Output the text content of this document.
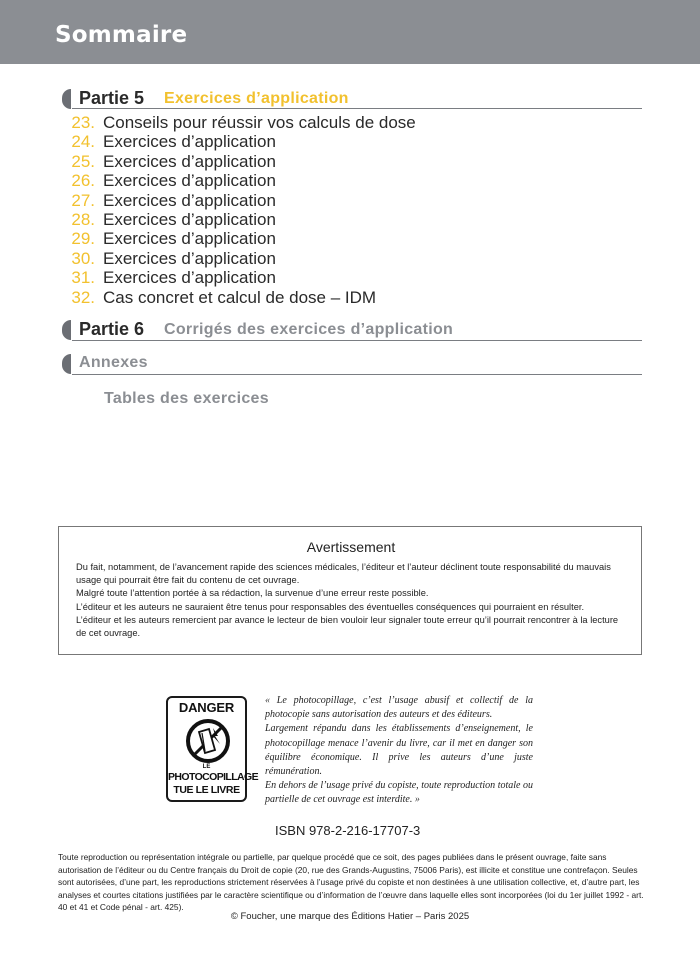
Sommaire
Partie 5 Exercices d’application
23. Conseils pour réussir vos calculs de dose
24. Exercices d’application
25. Exercices d’application
26. Exercices d’application
27. Exercices d’application
28. Exercices d’application
29. Exercices d’application
30. Exercices d’application
31. Exercices d’application
32. Cas concret et calcul de dose – IDM
Partie 6 Corrigés des exercices d’application
Annexes
Tables des exercices
Avertissement

Du fait, notamment, de l’avancement rapide des sciences médicales, l’éditeur et l’auteur déclinent toute responsabilité du mauvais usage qui pourrait être fait du contenu de cet ouvrage.

Malgré toute l’attention portée à sa rédaction, la survenue d’une erreur reste possible.

L’éditeur et les auteurs ne sauraient être tenus pour responsables des éventuelles conséquences qui pourraient en résulter.

L’éditeur et les auteurs remercient par avance le lecteur de bien vouloir leur signaler toute erreur qu’il pourrait rencontrer à la lecture de cet ouvrage.

DANGER
LE
PHOTOCOPILLAGE
TUE LE LIVRE

« Le photocopillage, c’est l’usage abusif et collectif de la photocopie sans autorisation des auteurs et des éditeurs.

Largement répandu dans les établissements d’enseignement, le photocopillage menace l’avenir du livre, car il met en danger son équilibre économique. Il prive les auteurs d’une juste rémunération.

En dehors de l’usage privé du copiste, toute reproduction totale ou partielle de cet ouvrage est interdite. »

ISBN 978-2-216-17707-3
Toute reproduction ou représentation intégrale ou partielle, par quelque procédé que ce soit, des pages publiées dans le présent ouvrage, faite sans autorisation de l’éditeur ou du Centre français du Droit de copie (20, rue des Grands-Augustins, 75006 Paris), est illicite et constitue une contrefaçon. Seules sont autorisées, d’une part, les reproductions strictement réservées à l’usage privé du copiste et non destinées à une utilisation collective, et, d’autre part, les analyses et courtes citations justifiées par le caractère scientifique ou d’information de l’œuvre dans laquelle elles sont incorporées (loi du 1er juillet 1992 - art. 40 et 41 et Code pénal - art. 425).
© Foucher, une marque des Éditions Hatier – Paris 2025
